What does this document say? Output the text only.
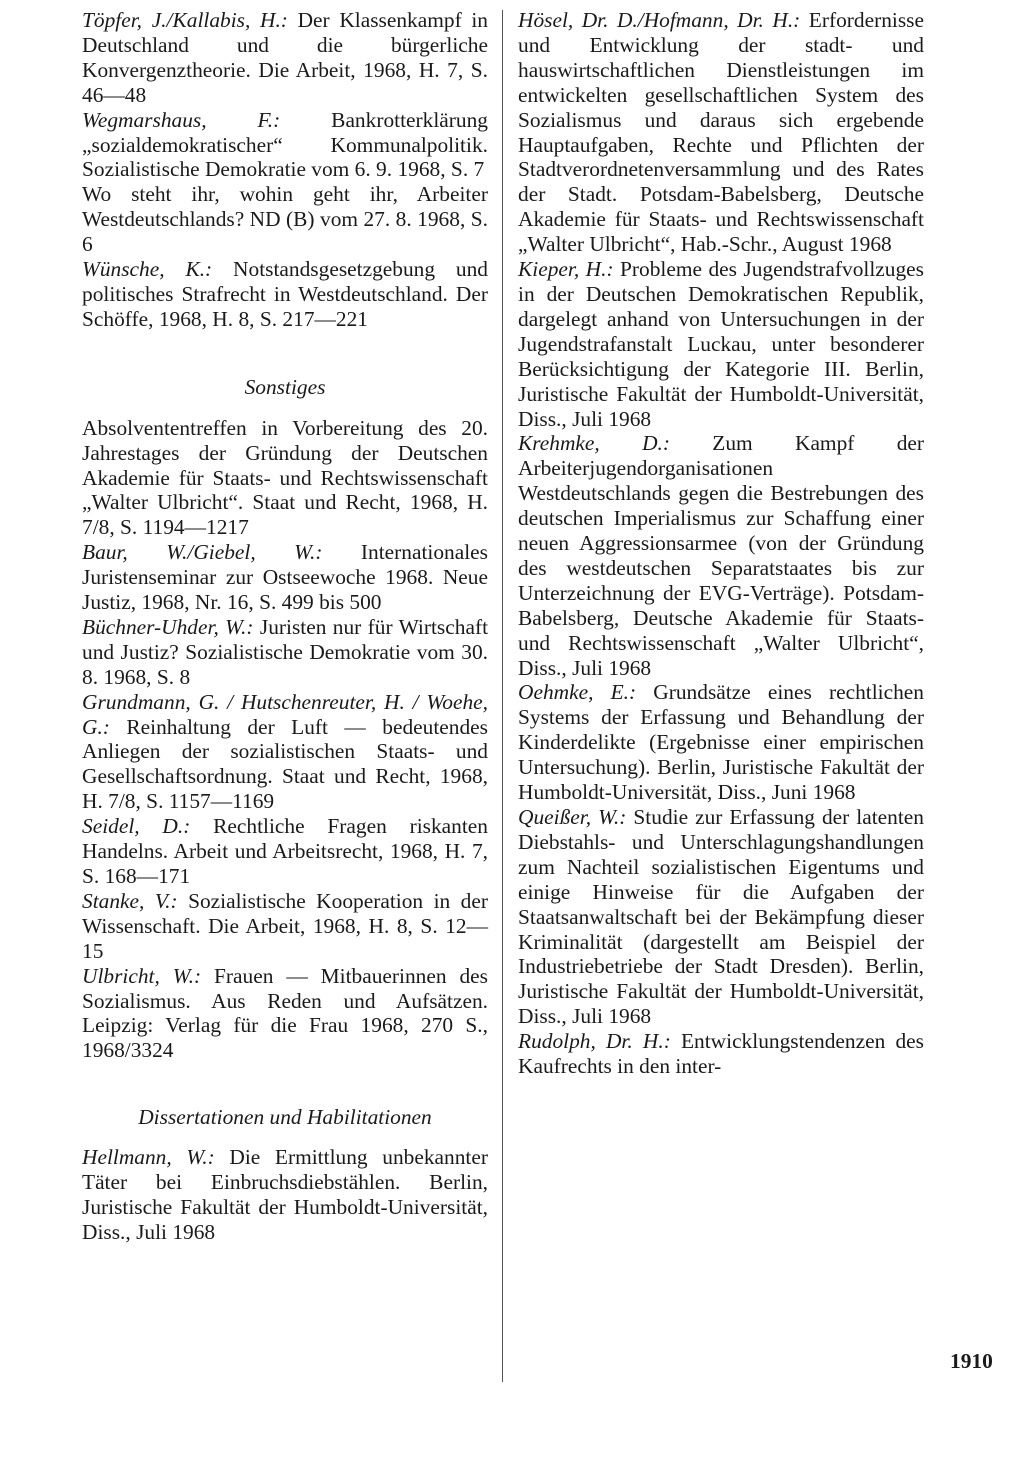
Töpfer, J./Kallabis, H.: Der Klassenkampf in Deutschland und die bürgerliche Konvergenztheorie. Die Arbeit, 1968, H. 7, S. 46—48

Wegmarshaus, F.: Bankrotterklärung „sozialdemokratischer“ Kommunalpolitik. Sozialistische Demokratie vom 6. 9. 1968, S. 7

Wo steht ihr, wohin geht ihr, Arbeiter Westdeutschlands? ND (B) vom 27. 8. 1968, S. 6

Wünsche, K.: Notstandsgesetzgebung und politisches Strafrecht in Westdeutschland. Der Schöffe, 1968, H. 8, S. 217—221

Sonstiges

Absolvententreffen in Vorbereitung des 20. Jahrestages der Gründung der Deutschen Akademie für Staats- und Rechtswissenschaft „Walter Ulbricht“. Staat und Recht, 1968, H. 7/8, S. 1194—1217

Baur, W./Giebel, W.: Internationales Juristenseminar zur Ostseewoche 1968. Neue Justiz, 1968, Nr. 16, S. 499 bis 500

Büchner-Uhder, W.: Juristen nur für Wirtschaft und Justiz? Sozialistische Demokratie vom 30. 8. 1968, S. 8

Grundmann, G. / Hutschenreuter, H. / Woehe, G.: Reinhaltung der Luft — bedeutendes Anliegen der sozialistischen Staats- und Gesellschaftsordnung. Staat und Recht, 1968, H. 7/8, S. 1157—1169

Seidel, D.: Rechtliche Fragen riskanten Handelns. Arbeit und Arbeitsrecht, 1968, H. 7, S. 168—171

Stanke, V.: Sozialistische Kooperation in der Wissenschaft. Die Arbeit, 1968, H. 8, S. 12—15

Ulbricht, W.: Frauen — Mitbauerinnen des Sozialismus. Aus Reden und Aufsätzen. Leipzig: Verlag für die Frau 1968, 270 S., 1968/3324

Dissertationen und Habilitationen

Hellmann, W.: Die Ermittlung unbekannter Täter bei Einbruchsdiebstählen. Berlin, Juristische Fakultät der Humboldt-Universität, Diss., Juli 1968

Hösel, Dr. D./Hofmann, Dr. H.: Erfordernisse und Entwicklung der stadt- und hauswirtschaftlichen Dienstleistungen im entwickelten gesellschaftlichen System des Sozialismus und daraus sich ergebende Hauptaufgaben, Rechte und Pflichten der Stadtverordnetenversammlung und des Rates der Stadt. Potsdam-Babelsberg, Deutsche Akademie für Staats- und Rechtswissenschaft „Walter Ulbricht“, Hab.-Schr., August 1968

Kieper, H.: Probleme des Jugendstrafvollzuges in der Deutschen Demokratischen Republik, dargelegt anhand von Untersuchungen in der Jugendstrafanstalt Luckau, unter besonderer Berücksichtigung der Kategorie III. Berlin, Juristische Fakultät der Humboldt-Universität, Diss., Juli 1968

Krehmke, D.: Zum Kampf der Arbeiterjugendorganisationen Westdeutschlands gegen die Bestrebungen des deutschen Imperialismus zur Schaffung einer neuen Aggressionsarmee (von der Gründung des westdeutschen Separatstaates bis zur Unterzeichnung der EVG-Verträge). Potsdam-Babelsberg, Deutsche Akademie für Staats- und Rechtswissenschaft „Walter Ulbricht“, Diss., Juli 1968

Oehmke, E.: Grundsätze eines rechtlichen Systems der Erfassung und Behandlung der Kinderdelikte (Ergebnisse einer empirischen Untersuchung). Berlin, Juristische Fakultät der Humboldt-Universität, Diss., Juni 1968

Queißer, W.: Studie zur Erfassung der latenten Diebstahls- und Unterschlagungshandlungen zum Nachteil sozialistischen Eigentums und einige Hinweise für die Aufgaben der Staatsanwaltschaft bei der Bekämpfung dieser Kriminalität (dargestellt am Beispiel der Industriebetriebe der Stadt Dresden). Berlin, Juristische Fakultät der Humboldt-Universität, Diss., Juli 1968

Rudolph, Dr. H.: Entwicklungstendenzen des Kaufrechts in den inter-

1910
